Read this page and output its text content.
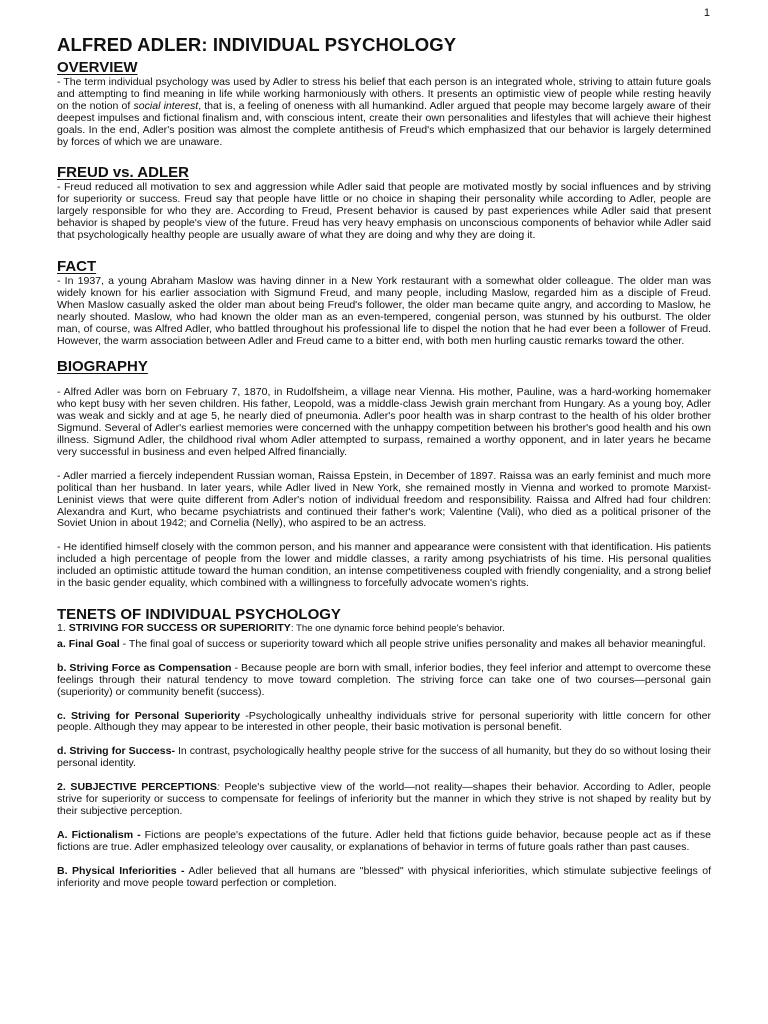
1
ALFRED ADLER: INDIVIDUAL PSYCHOLOGY
OVERVIEW

- The term individual psychology was used by Adler to stress his belief that each person is an integrated whole, striving to attain future goals and attempting to find meaning in life while working harmoniously with others. It presents an optimistic view of people while resting heavily on the notion of social interest, that is, a feeling of oneness with all humankind. Adler argued that people may become largely aware of their deepest impulses and fictional finalism and, with conscious intent, create their own personalities and lifestyles that will achieve their highest goals. In the end, Adler's position was almost the complete antithesis of Freud's which emphasized that our behavior is largely determined by forces of which we are unaware.

FREUD vs. ADLER

- Freud reduced all motivation to sex and aggression while Adler said that people are motivated mostly by social influences and by striving for superiority or success. Freud say that people have little or no choice in shaping their personality while according to Adler, people are largely responsible for who they are. According to Freud, Present behavior is caused by past experiences while Adler said that present behavior is shaped by people's view of the future. Freud has very heavy emphasis on unconscious components of behavior while Adler said that psychologically healthy people are usually aware of what they are doing and why they are doing it.

FACT

- In 1937, a young Abraham Maslow was having dinner in a New York restaurant with a somewhat older colleague. The older man was widely known for his earlier association with Sigmund Freud, and many people, including Maslow, regarded him as a disciple of Freud. When Maslow casually asked the older man about being Freud's follower, the older man became quite angry, and according to Maslow, he nearly shouted. Maslow, who had known the older man as an even-tempered, congenial person, was stunned by his outburst. The older man, of course, was Alfred Adler, who battled throughout his professional life to dispel the notion that he had ever been a follower of Freud. However, the warm association between Adler and Freud came to a bitter end, with both men hurling caustic remarks toward the other.

BIOGRAPHY

- Alfred Adler was born on February 7, 1870, in Rudolfsheim, a village near Vienna. His mother, Pauline, was a hard-working homemaker who kept busy with her seven children. His father, Leopold, was a middle-class Jewish grain merchant from Hungary. As a young boy, Adler was weak and sickly and at age 5, he nearly died of pneumonia. Adler's poor health was in sharp contrast to the health of his older brother Sigmund. Several of Adler's earliest memories were concerned with the unhappy competition between his brother's good health and his own illness. Sigmund Adler, the childhood rival whom Adler attempted to surpass, remained a worthy opponent, and in later years he became very successful in business and even helped Alfred financially.

- Adler married a fiercely independent Russian woman, Raissa Epstein, in December of 1897. Raissa was an early feminist and much more political than her husband. In later years, while Adler lived in New York, she remained mostly in Vienna and worked to promote Marxist-Leninist views that were quite different from Adler's notion of individual freedom and responsibility. Raissa and Alfred had four children: Alexandra and Kurt, who became psychiatrists and continued their father's work; Valentine (Vali), who died as a political prisoner of the Soviet Union in about 1942; and Cornelia (Nelly), who aspired to be an actress.

- He identified himself closely with the common person, and his manner and appearance were consistent with that identification. His patients included a high percentage of people from the lower and middle classes, a rarity among psychiatrists of his time. His personal qualities included an optimistic attitude toward the human condition, an intense competitiveness coupled with friendly congeniality, and a strong belief in the basic gender equality, which combined with a willingness to forcefully advocate women's rights.

TENETS OF INDIVIDUAL PSYCHOLOGY

1. STRIVING FOR SUCCESS OR SUPERIORITY: The one dynamic force behind people's behavior.

a. Final Goal - The final goal of success or superiority toward which all people strive unifies personality and makes all behavior meaningful.

b. Striving Force as Compensation - Because people are born with small, inferior bodies, they feel inferior and attempt to overcome these feelings through their natural tendency to move toward completion. The striving force can take one of two courses—personal gain (superiority) or community benefit (success).

c. Striving for Personal Superiority -Psychologically unhealthy individuals strive for personal superiority with little concern for other people. Although they may appear to be interested in other people, their basic motivation is personal benefit.

d. Striving for Success- In contrast, psychologically healthy people strive for the success of all humanity, but they do so without losing their personal identity.

2. SUBJECTIVE PERCEPTIONS: People's subjective view of the world—not reality—shapes their behavior. According to Adler, people strive for superiority or success to compensate for feelings of inferiority but the manner in which they strive is not shaped by reality but by their subjective perception.

A. Fictionalism - Fictions are people's expectations of the future. Adler held that fictions guide behavior, because people act as if these fictions are true. Adler emphasized teleology over causality, or explanations of behavior in terms of future goals rather than past causes.

B. Physical Inferiorities - Adler believed that all humans are "blessed" with physical inferiorities, which stimulate subjective feelings of inferiority and move people toward perfection or completion.
